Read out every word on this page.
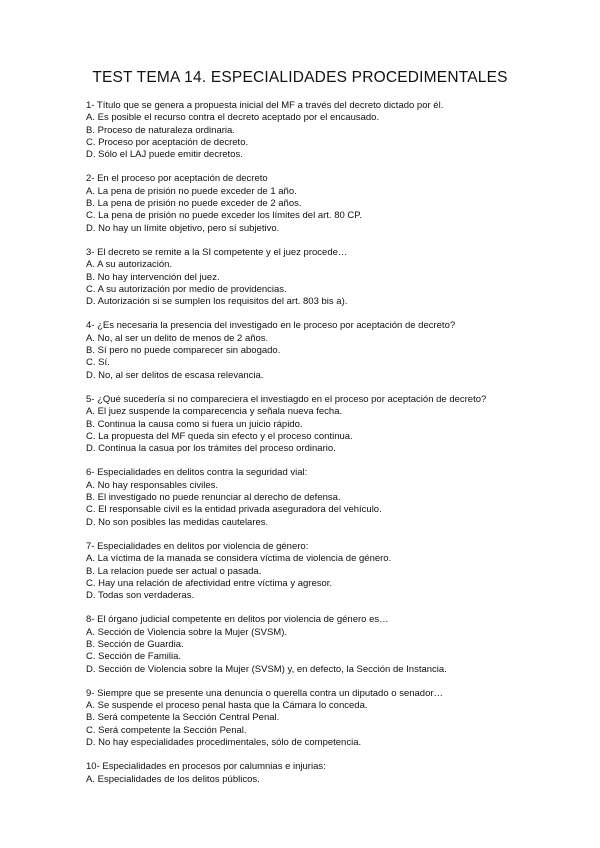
TEST TEMA 14. ESPECIALIDADES PROCEDIMENTALES
1- Título que se genera a propuesta inicial del MF a través del decreto dictado por él.
A. Es posible el recurso contra el decreto aceptado por el encausado.
B. Proceso de naturaleza ordinaria.
C. Proceso por aceptación de decreto.
D. Sólo el LAJ puede emitir decretos.
2- En el proceso por aceptación de decreto
A. La pena de prisión no puede exceder de 1 año.
B. La pena de prisión no puede exceder de 2 años.
C. La pena de prisión no puede exceder los límites del art. 80 CP.
D. No hay un límite objetivo, pero sí subjetivo.
3- El decreto se remite a la SI competente y el juez procede…
A. A su autorización.
B. No hay intervención del juez.
C. A su autorización por medio de providencias.
D. Autorización si se sumplen los requisitos del art. 803 bis a).
4- ¿Es necesaria la presencia del investigado en le proceso por aceptación de decreto?
A. No, al ser un delito de menos de 2 años.
B. Sí pero no puede comparecer sin abogado.
C. Sí.
D. No, al ser delitos de escasa relevancia.
5- ¿Qué sucedería si no compareciera el investiagdo en el proceso por aceptación de decreto?
A. El juez suspende la comparecencia y señala nueva fecha.
B. Continua la causa como si fuera un juicio rápido.
C. La propuesta del MF queda sin efecto y el proceso continua.
D. Continua la casua por los trámites del proceso ordinario.
6- Especialidades en delitos contra la seguridad vial:
A. No hay responsables civiles.
B. El investigado no puede renunciar al derecho de defensa.
C. El responsable civil es la entidad privada aseguradora del vehículo.
D. No son posibles las medidas cautelares.
7- Especialidades en delitos por violencia de género:
A. La víctima de la manada se considera víctima de violencia de género.
B. La relacion puede ser actual o pasada.
C. Hay una relación de afectividad entre víctima y agresor.
D. Todas son verdaderas.
8- El órgano judicial competente en delitos por violencia de género es…
A. Sección de Violencia sobre la Mujer (SVSM).
B. Sección de Guardia.
C. Sección de Familia.
D. Sección de Violencia sobre la Mujer (SVSM) y, en defecto, la Sección de Instancia.
9- Siempre que se presente una denuncia o querella contra un diputado o senador…
A. Se suspende el proceso penal hasta que la Cámara lo conceda.
B. Será competente la Sección Central Penal.
C. Será competente la Sección Penal.
D. No hay especialidades procedimentales, sólo de competencia.
10- Especialidades en procesos por calumnias e injurias:
A. Especialidades de los delitos públicos.
